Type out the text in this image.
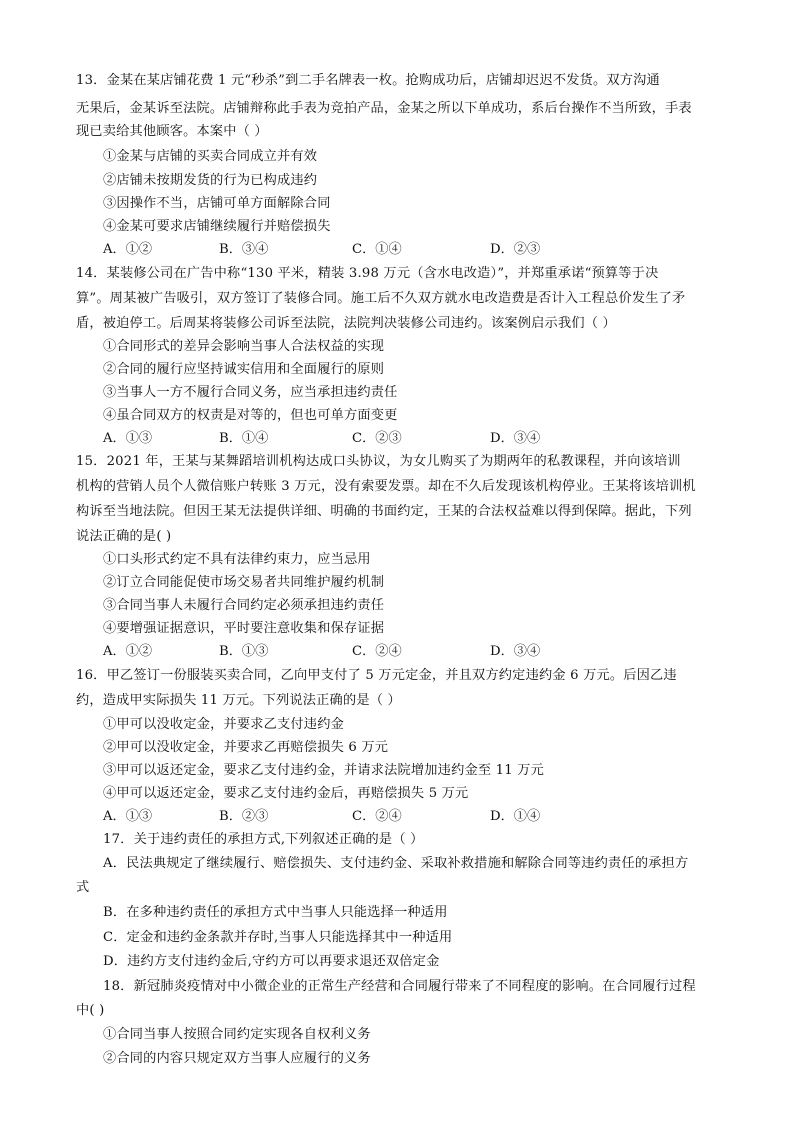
13．金某在某店铺花费 1 元“秒杀”到二手名牌表一枚。抢购成功后，店铺却迟迟不发货。双方沟通
无果后，金某诉至法院。店铺辩称此手表为竞拍产品，金某之所以下单成功，系后台操作不当所致，手表
现已卖给其他顾客。本案中（ ）
①金某与店铺的买卖合同成立并有效
②店铺未按期发货的行为已构成违约
③因操作不当，店铺可单方面解除合同
④金某可要求店铺继续履行并赔偿损失
A．①②	B．③④	C．①④	D．②③
14．某装修公司在广告中称“130 平米，精装 3.98 万元（含水电改造）”，并郑重承诺“预算等于决
算”。周某被广告吸引，双方签订了装修合同。施工后不久双方就水电改造费是否计入工程总价发生了矛
盾，被迫停工。后周某将装修公司诉至法院，法院判决装修公司违约。该案例启示我们（ ）
①合同形式的差异会影响当事人合法权益的实现
②合同的履行应坚持诚实信用和全面履行的原则
③当事人一方不履行合同义务，应当承担违约责任
④虽合同双方的权责是对等的，但也可单方面变更
A．①③	B．①④	C．②③	D．③④
15．2021 年，王某与某舞蹈培训机构达成口头协议，为女儿购买了为期两年的私教课程，并向该培训
机构的营销人员个人微信账户转账 3 万元，没有索要发票。却在不久后发现该机构停业。王某将该培训机
构诉至当地法院。但因王某无法提供详细、明确的书面约定，王某的合法权益难以得到保障。据此，下列
说法正确的是( )
①口头形式约定不具有法律约束力，应当忌用
②订立合同能促使市场交易者共同维护履约机制
③合同当事人未履行合同约定必须承担违约责任
④要增强证据意识，平时要注意收集和保存证据
A．①②	B．①③	C．②④	D．③④
16．甲乙签订一份服装买卖合同，乙向甲支付了 5 万元定金，并且双方约定违约金 6 万元。后因乙违
约，造成甲实际损失 11 万元。下列说法正确的是（ ）
①甲可以没收定金，并要求乙支付违约金
②甲可以没收定金，并要求乙再赔偿损失 6 万元
③甲可以返还定金，要求乙支付违约金，并请求法院增加违约金至 11 万元
④甲可以返还定金，要求乙支付违约金后，再赔偿损失 5 万元
A．①③	B．②③	C．②④	D．①④
17．关于违约责任的承担方式,下列叙述正确的是（ ）
A．民法典规定了继续履行、赔偿损失、支付违约金、采取补救措施和解除合同等违约责任的承担方
式
B．在多种违约责任的承担方式中当事人只能选择一种适用
C．定金和违约金条款并存时,当事人只能选择其中一种适用
D．违约方支付违约金后,守约方可以再要求退还双倍定金
18．新冠肺炎疫情对中小微企业的正常生产经营和合同履行带来了不同程度的影响。在合同履行过程
中( )
①合同当事人按照合同约定实现各自权利义务
②合同的内容只规定双方当事人应履行的义务
